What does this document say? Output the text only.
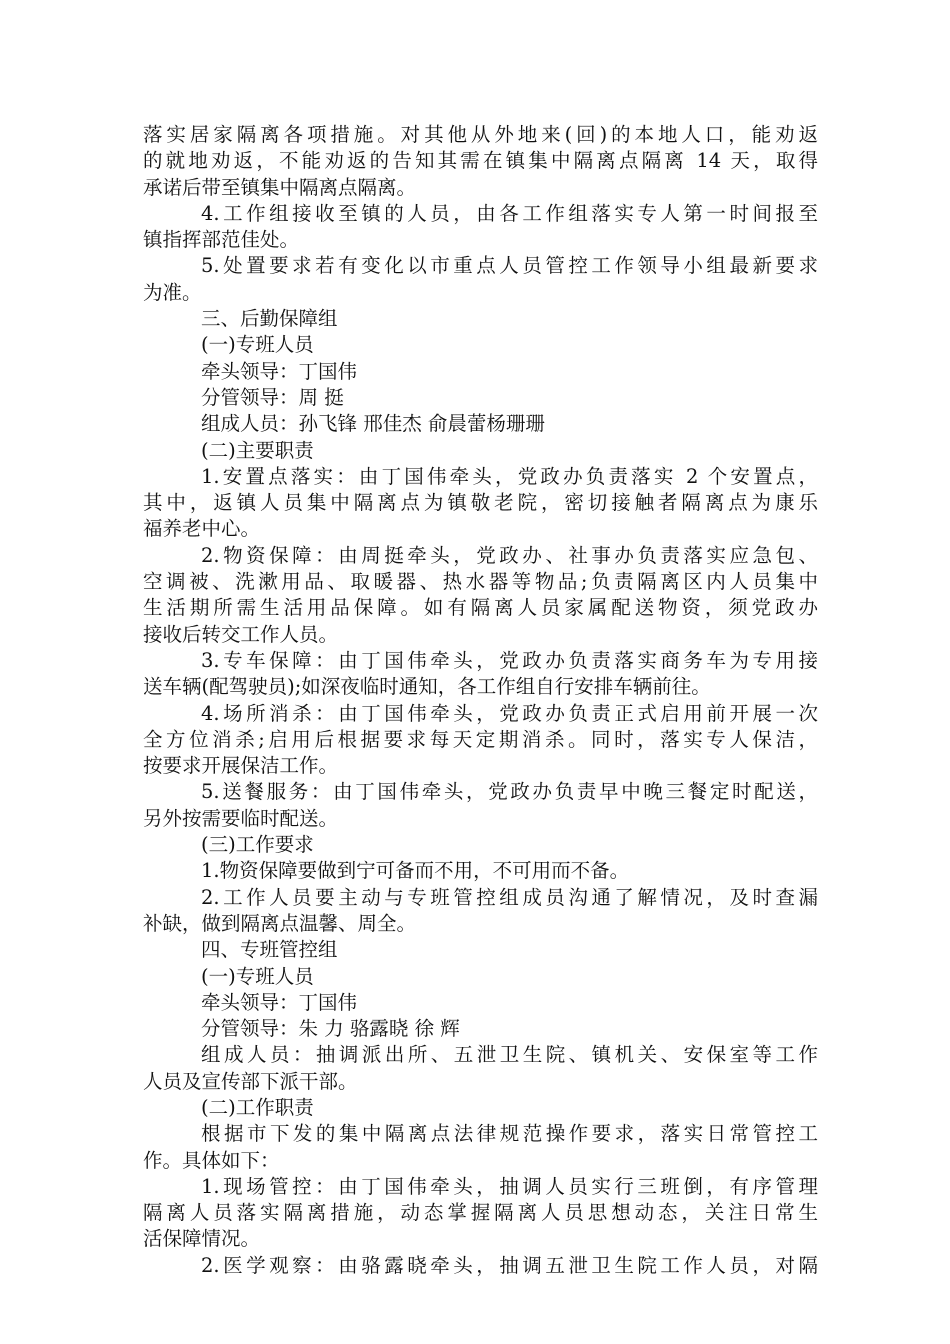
落实居家隔离各项措施。对其他从外地来(回)的本地人口，能劝返
的就地劝返，不能劝返的告知其需在镇集中隔离点隔离 14 天，取得
承诺后带至镇集中隔离点隔离。
4.工作组接收至镇的人员，由各工作组落实专人第一时间报至
镇指挥部范佳处。
5.处置要求若有变化以市重点人员管控工作领导小组最新要求
为准。
三、后勤保障组
(一)专班人员
牵头领导：丁国伟
分管领导：周 挺
组成人员：孙飞锋 邢佳杰 俞晨蕾杨珊珊
(二)主要职责
1.安置点落实：由丁国伟牵头，党政办负责落实 2 个安置点，
其中，返镇人员集中隔离点为镇敬老院，密切接触者隔离点为康乐
福养老中心。
2.物资保障：由周挺牵头，党政办、社事办负责落实应急包、
空调被、洗漱用品、取暖器、热水器等物品;负责隔离区内人员集中
生活期所需生活用品保障。如有隔离人员家属配送物资，须党政办
接收后转交工作人员。
3.专车保障：由丁国伟牵头，党政办负责落实商务车为专用接
送车辆(配驾驶员);如深夜临时通知，各工作组自行安排车辆前往。
4.场所消杀：由丁国伟牵头，党政办负责正式启用前开展一次
全方位消杀;启用后根据要求每天定期消杀。同时，落实专人保洁，
按要求开展保洁工作。
5.送餐服务：由丁国伟牵头，党政办负责早中晚三餐定时配送，
另外按需要临时配送。
(三)工作要求
1.物资保障要做到宁可备而不用，不可用而不备。
2.工作人员要主动与专班管控组成员沟通了解情况，及时查漏
补缺，做到隔离点温馨、周全。
四、专班管控组
(一)专班人员
牵头领导：丁国伟
分管领导：朱 力 骆露晓 徐 辉
组成人员：抽调派出所、五泄卫生院、镇机关、安保室等工作
人员及宣传部下派干部。
(二)工作职责
根据市下发的集中隔离点法律规范操作要求，落实日常管控工
作。具体如下：
1.现场管控：由丁国伟牵头，抽调人员实行三班倒，有序管理
隔离人员落实隔离措施，动态掌握隔离人员思想动态，关注日常生
活保障情况。
2.医学观察：由骆露晓牵头，抽调五泄卫生院工作人员，对隔
